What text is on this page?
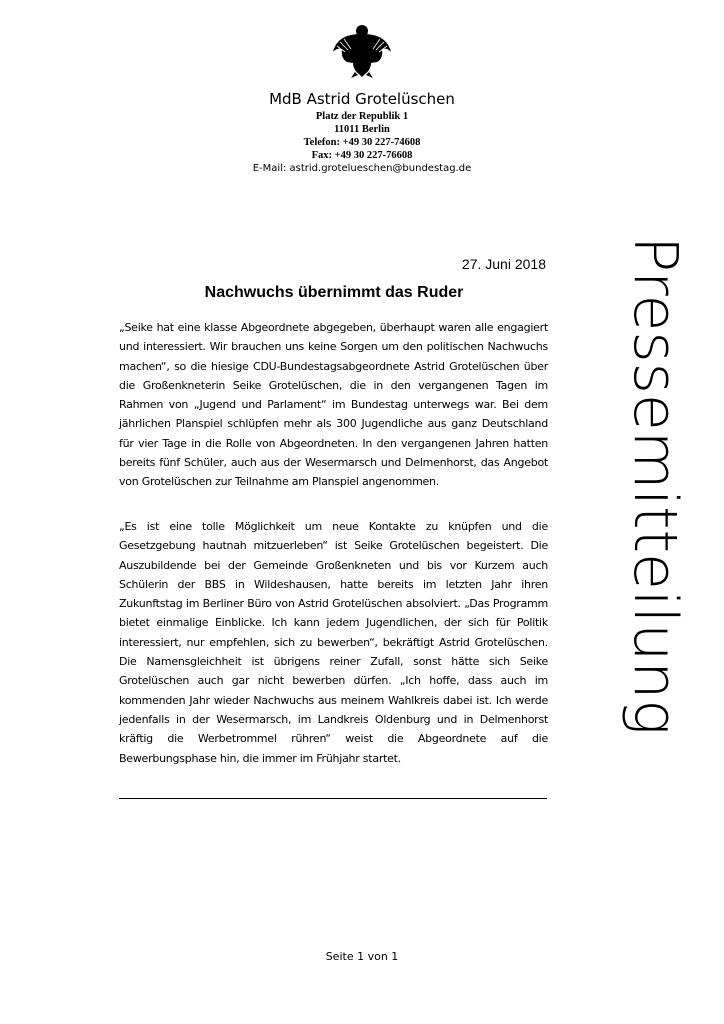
MdB Astrid Grotelüschen
Platz der Republik 1
11011 Berlin
Telefon: +49 30 227-74608
Fax: +49 30 227-76608
E-Mail: astrid.grotelueschen@bundestag.de
Pressemitteilung
27. Juni 2018
Nachwuchs übernimmt das Ruder
„Seike hat eine klasse Abgeordnete abgegeben, überhaupt waren alle engagiert und interessiert. Wir brauchen uns keine Sorgen um den politischen Nachwuchs machen“, so die hiesige CDU-Bundestagsabgeordnete Astrid Grotelüschen über die Großenkneterin Seike Grotelüschen, die in den vergangenen Tagen im Rahmen von „Jugend und Parlament“ im Bundestag unterwegs war. Bei dem jährlichen Planspiel schlüpfen mehr als 300 Jugendliche aus ganz Deutschland für vier Tage in die Rolle von Abgeordneten. In den vergangenen Jahren hatten bereits fünf Schüler, auch aus der Wesermarsch und Delmenhorst, das Angebot von Grotelüschen zur Teilnahme am Planspiel angenommen.
„Es ist eine tolle Möglichkeit um neue Kontakte zu knüpfen und die Gesetzgebung hautnah mitzuerleben“ ist Seike Grotelüschen begeistert. Die Auszubildende bei der Gemeinde Großenkneten und bis vor Kurzem auch Schülerin der BBS in Wildeshausen, hatte bereits im letzten Jahr ihren Zukunftstag im Berliner Büro von Astrid Grotelüschen absolviert. „Das Programm bietet einmalige Einblicke. Ich kann jedem Jugendlichen, der sich für Politik interessiert, nur empfehlen, sich zu bewerben“, bekräftigt Astrid Grotelüschen. Die Namensgleichheit ist übrigens reiner Zufall, sonst hätte sich Seike Grotelüschen auch gar nicht bewerben dürfen. „Ich hoffe, dass auch im kommenden Jahr wieder Nachwuchs aus meinem Wahlkreis dabei ist. Ich werde jedenfalls in der Wesermarsch, im Landkreis Oldenburg und in Delmenhorst kräftig die Werbetrommel rühren“ weist die Abgeordnete auf die Bewerbungsphase hin, die immer im Frühjahr startet.
Seite 1 von 1
